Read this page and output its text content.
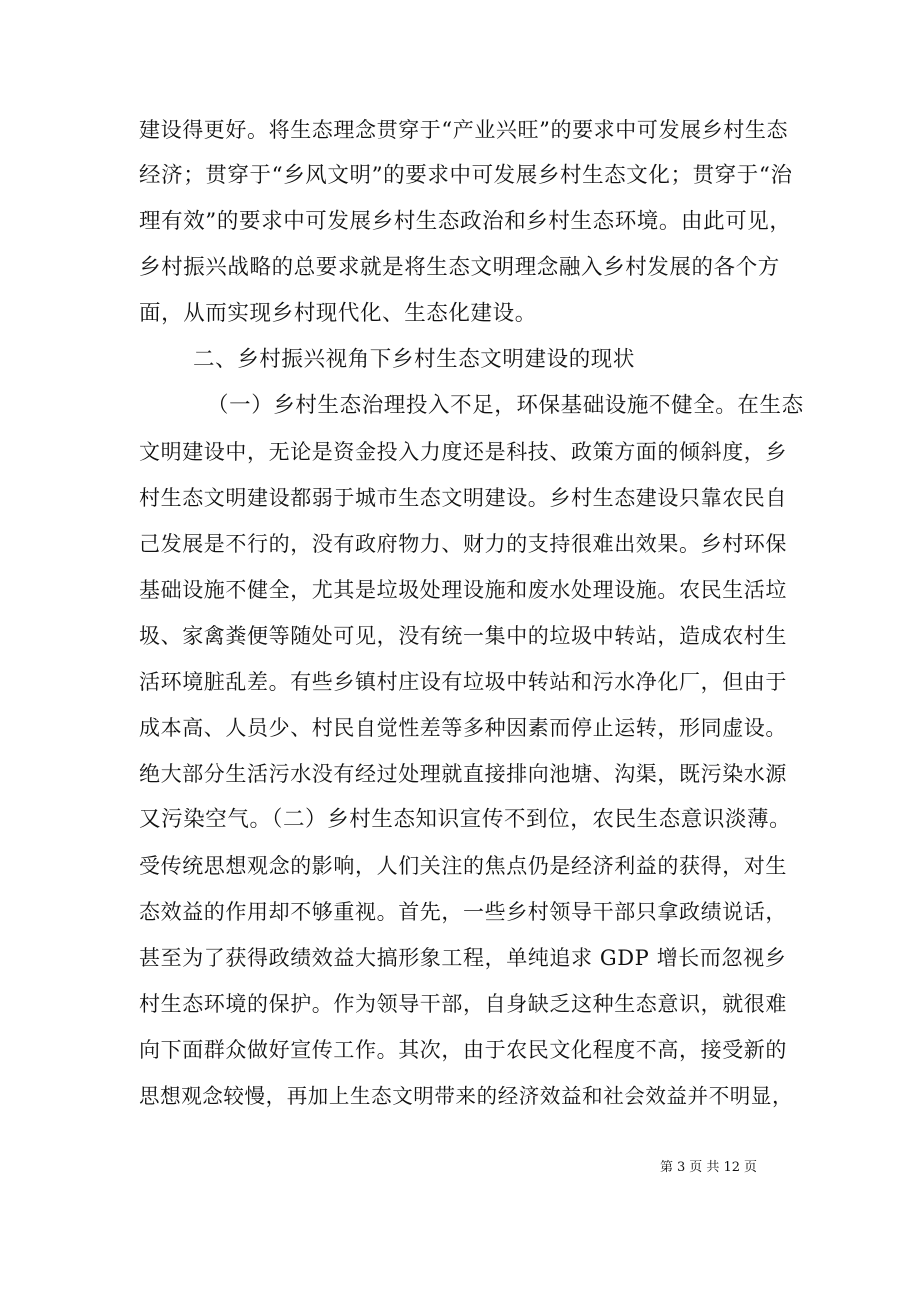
建设得更好。将生态理念贯穿于“产业兴旺”的要求中可发展乡村生态
经济；贯穿于“乡风文明”的要求中可发展乡村生态文化；贯穿于“治
理有效”的要求中可发展乡村生态政治和乡村生态环境。由此可见，
乡村振兴战略的总要求就是将生态文明理念融入乡村发展的各个方
面，从而实现乡村现代化、生态化建设。
二、乡村振兴视角下乡村生态文明建设的现状
（一）乡村生态治理投入不足，环保基础设施不健全。在生态
文明建设中，无论是资金投入力度还是科技、政策方面的倾斜度，乡
村生态文明建设都弱于城市生态文明建设。乡村生态建设只靠农民自
己发展是不行的，没有政府物力、财力的支持很难出效果。乡村环保
基础设施不健全，尤其是垃圾处理设施和废水处理设施。农民生活垃
圾、家禽粪便等随处可见，没有统一集中的垃圾中转站，造成农村生
活环境脏乱差。有些乡镇村庄设有垃圾中转站和污水净化厂，但由于
成本高、人员少、村民自觉性差等多种因素而停止运转，形同虚设。
绝大部分生活污水没有经过处理就直接排向池塘、沟渠，既污染水源
又污染空气。（二）乡村生态知识宣传不到位，农民生态意识淡薄。
受传统思想观念的影响，人们关注的焦点仍是经济利益的获得，对生
态效益的作用却不够重视。首先，一些乡村领导干部只拿政绩说话，
甚至为了获得政绩效益大搞形象工程，单纯追求 GDP 增长而忽视乡
村生态环境的保护。作为领导干部，自身缺乏这种生态意识，就很难
向下面群众做好宣传工作。其次，由于农民文化程度不高，接受新的
思想观念较慢，再加上生态文明带来的经济效益和社会效益并不明显，
第 3 页 共 12 页
